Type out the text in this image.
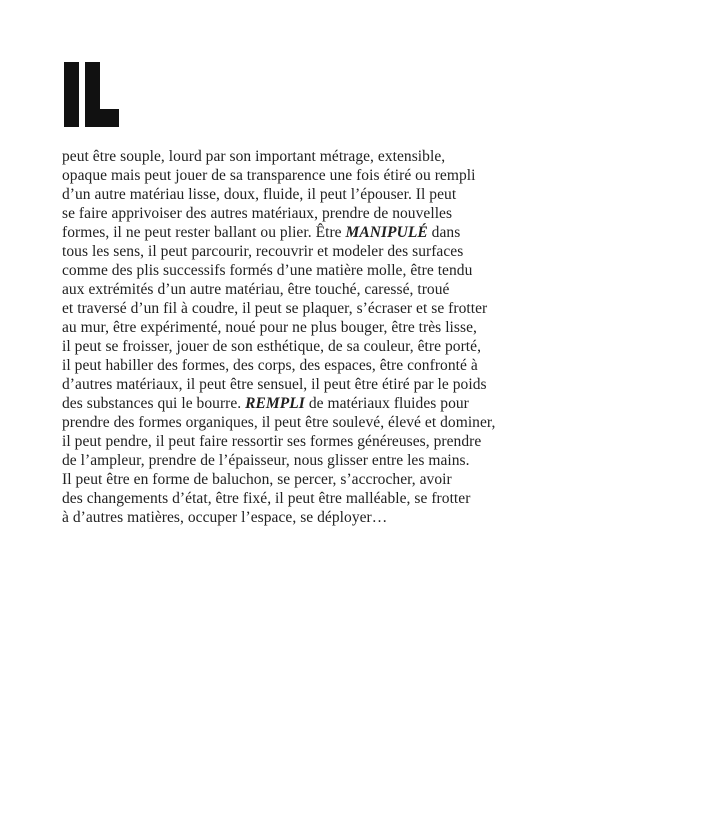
peut être souple, lourd par son important métrage, extensible,
opaque mais peut jouer de sa transparence une fois étiré ou rempli
d’un autre matériau lisse, doux, fluide, il peut l’épouser. Il peut
se faire apprivoiser des autres matériaux, prendre de nouvelles
formes, il ne peut rester ballant ou plier. Être MANIPULÉ dans
tous les sens, il peut parcourir, recouvrir et modeler des surfaces
comme des plis successifs formés d’une matière molle, être tendu
aux extrémités d’un autre matériau, être touché, caressé, troué
et traversé d’un fil à coudre, il peut se plaquer, s’écraser et se frotter
au mur, être expérimenté, noué pour ne plus bouger, être très lisse,
il peut se froisser, jouer de son esthétique, de sa couleur, être porté,
il peut habiller des formes, des corps, des espaces, être confronté à
d’autres matériaux, il peut être sensuel, il peut être étiré par le poids
des substances qui le bourre. REMPLI de matériaux fluides pour
prendre des formes organiques, il peut être soulevé, élevé et dominer,
il peut pendre, il peut faire ressortir ses formes généreuses, prendre
de l’ampleur, prendre de l’épaisseur, nous glisser entre les mains.
Il peut être en forme de baluchon, se percer, s’accrocher, avoir
des changements d’état, être fixé, il peut être malléable, se frotter
à d’autres matières, occuper l’espace, se déployer…
